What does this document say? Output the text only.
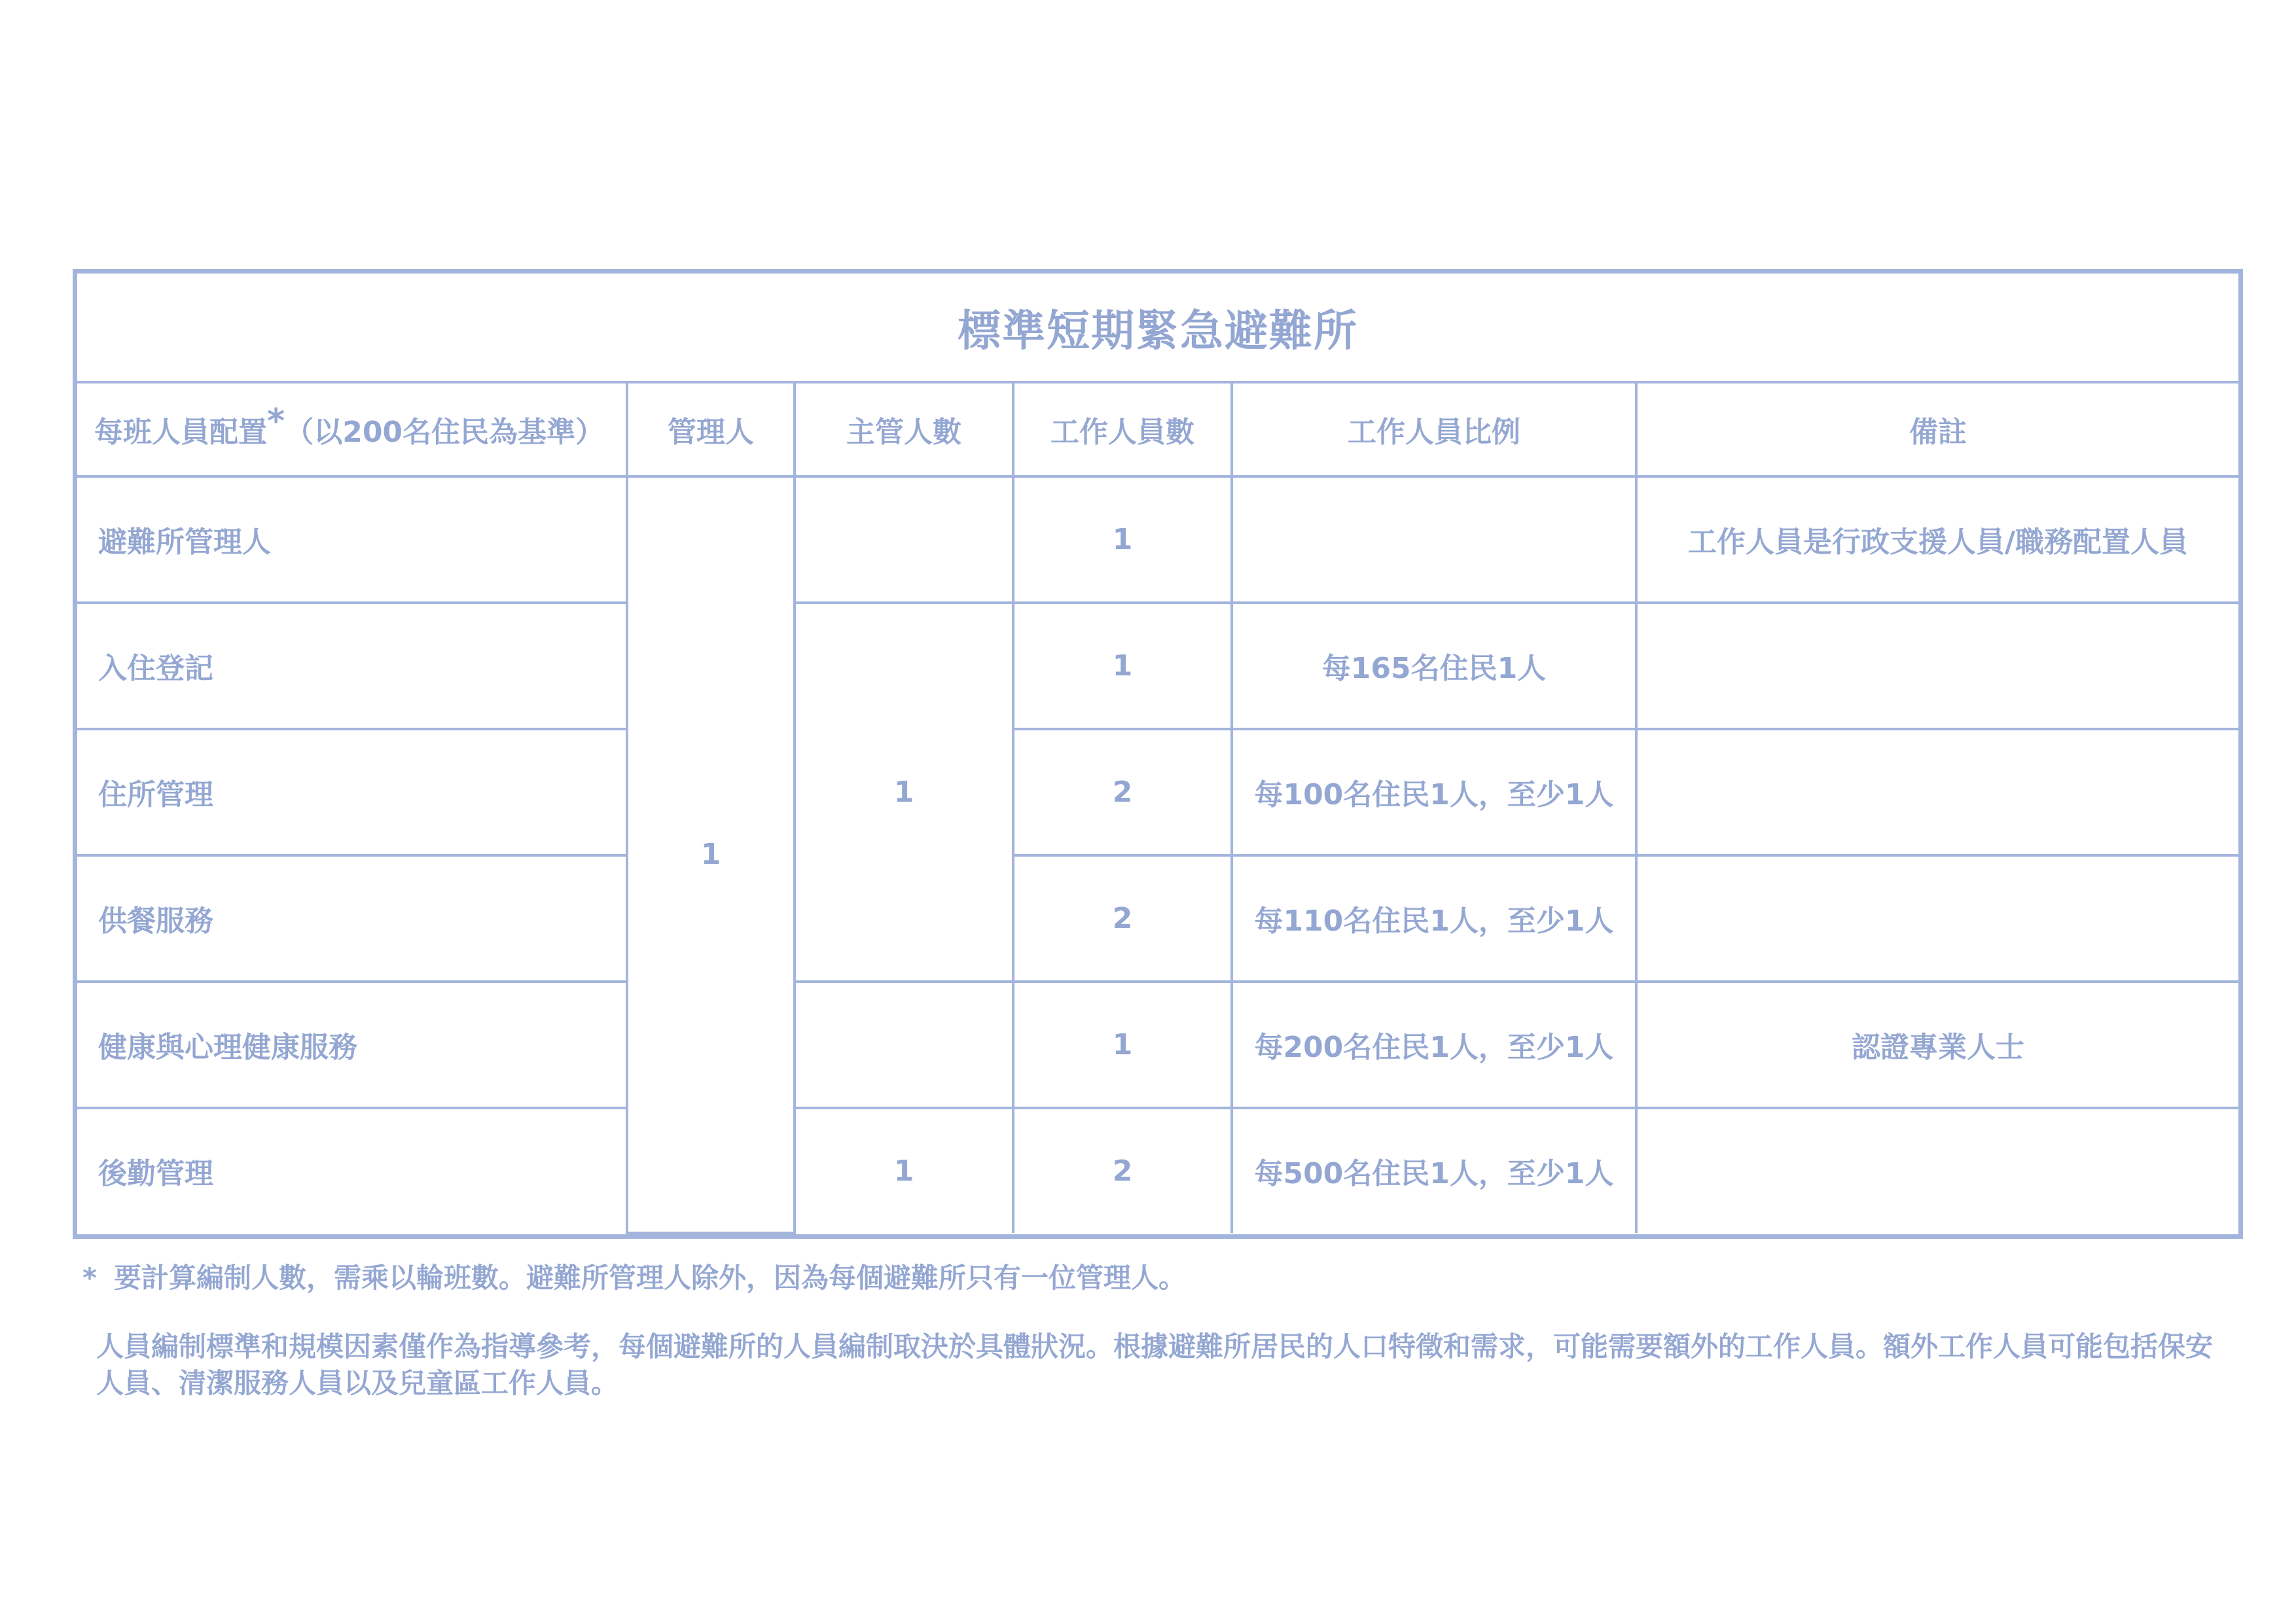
標準短期緊急避難所					
每班人員配置*（以200名住民為基準）	管理人	主管人數	工作人員數	工作人員比例	備註
避難所管理人	1		1		工作人員是行政支援人員/職務配置人員
入住登記		1	1	每165名住民1人	
住所管理			2	每100名住民1人，至少1人	
供餐服務			2	每110名住民1人，至少1人	
健康與心理健康服務			1	每200名住民1人，至少1人	認證專業人士
後勤管理		1	2	每500名住民1人，至少1人	
* 要計算編制人數，需乘以輪班數。避難所管理人除外，因為每個避難所只有一位管理人。
人員編制標準和規模因素僅作為指導參考，每個避難所的人員編制取決於具體狀況。根據避難所居民的人口特徵和需求，可能需要額外的工作人員。額外工作人員可能包括保安人員、清潔服務人員以及兒童區工作人員。
